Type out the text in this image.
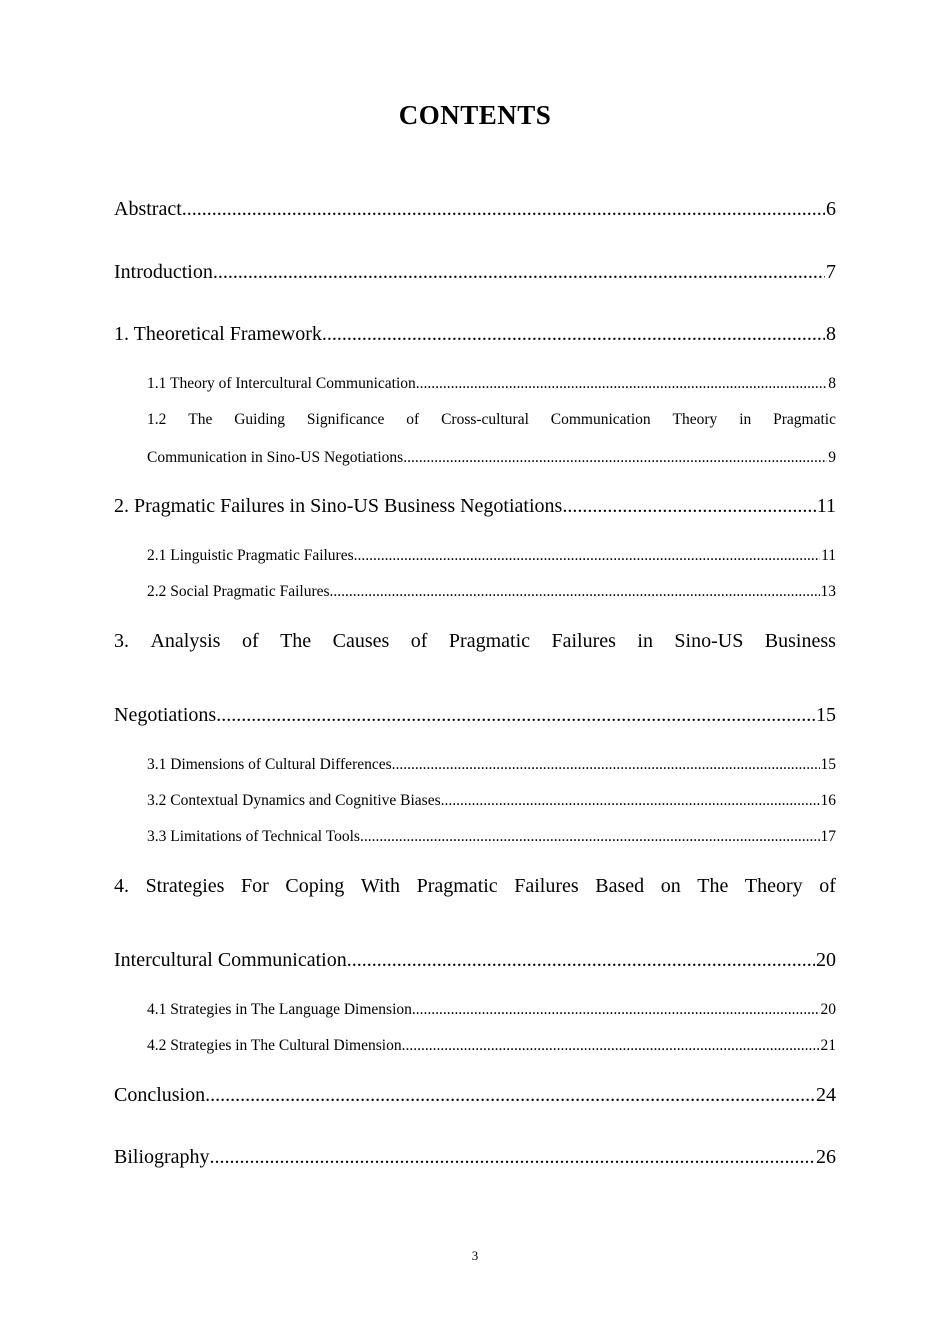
CONTENTS
Abstract .....	6
Introduction .....	7
1. Theoretical Framework .....	8
1.1 Theory of Intercultural Communication .....	8
1.2 The Guiding Significance of Cross-cultural Communication Theory in Pragmatic
Communication in Sino-US Negotiations .....	9
2. Pragmatic Failures in Sino-US Business Negotiations .....	11
2.1 Linguistic Pragmatic Failures .....	11
2.2 Social Pragmatic Failures .....	13
3. Analysis of The Causes of Pragmatic Failures in Sino-US Business
Negotiations .....	15
3.1 Dimensions of Cultural Differences .....	15
3.2 Contextual Dynamics and Cognitive Biases .....	16
3.3 Limitations of Technical Tools .....	17
4. Strategies For Coping With Pragmatic Failures Based on The Theory of
Intercultural Communication .....	20
4.1 Strategies in The Language Dimension .....	20
4.2 Strategies in The Cultural Dimension .....	21
Conclusion .....	24
Biliography .....	26
3
